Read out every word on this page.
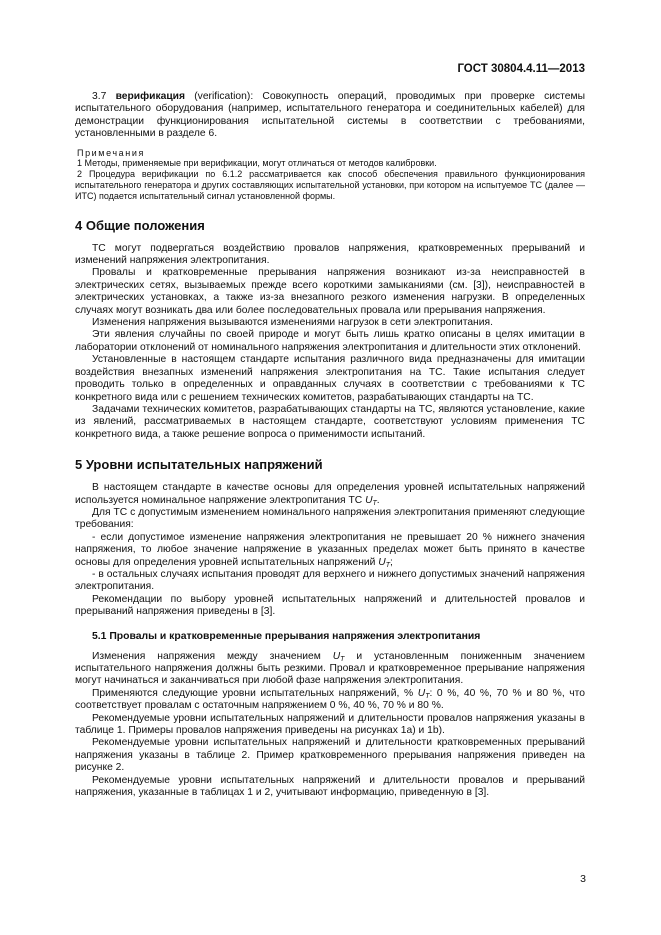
ГОСТ 30804.4.11—2013

3.7 верификация (verification): Совокупность операций, проводимых при проверке системы испытательного оборудования (например, испытательного генератора и соединительных кабелей) для демонстрации функционирования испытательной системы в соответствии с требованиями, установленными в разделе 6.

Примечания

1 Методы, применяемые при верификации, могут отличаться от методов калибровки.

2 Процедура верификации по 6.1.2 рассматривается как способ обеспечения правильного функционирования испытательного генератора и других составляющих испытательной установки, при котором на испытуемое ТС (далее — ИТС) подается испытательный сигнал установленной формы.

4 Общие положения

ТС могут подвергаться воздействию провалов напряжения, кратковременных прерываний и изменений напряжения электропитания.

Провалы и кратковременные прерывания напряжения возникают из-за неисправностей в электрических сетях, вызываемых прежде всего короткими замыканиями (см. [3]), неисправностей в электрических установках, а также из-за внезапного резкого изменения нагрузки. В определенных случаях могут возникать два или более последовательных провала или прерывания напряжения.

Изменения напряжения вызываются изменениями нагрузок в сети электропитания.

Эти явления случайны по своей природе и могут быть лишь кратко описаны в целях имитации в лаборатории отклонений от номинального напряжения электропитания и длительности этих отклонений.

Установленные в настоящем стандарте испытания различного вида предназначены для имитации воздействия внезапных изменений напряжения электропитания на ТС. Такие испытания следует проводить только в определенных и оправданных случаях в соответствии с требованиями к ТС конкретного вида или с решением технических комитетов, разрабатывающих стандарты на ТС.

Задачами технических комитетов, разрабатывающих стандарты на ТС, являются установление, какие из явлений, рассматриваемых в настоящем стандарте, соответствуют условиям применения ТС конкретного вида, а также решение вопроса о применимости испытаний.

5 Уровни испытательных напряжений

В настоящем стандарте в качестве основы для определения уровней испытательных напряжений используется номинальное напряжение электропитания ТС $U_T$.

Для ТС с допустимым изменением номинального напряжения электропитания применяют следующие требования:

- если допустимое изменение напряжения электропитания не превышает 20 % нижнего значения напряжения, то любое значение напряжение в указанных пределах может быть принято в качестве основы для определения уровней испытательных напряжений $U_T$;

- в остальных случаях испытания проводят для верхнего и нижнего допустимых значений напряжения электропитания.

Рекомендации по выбору уровней испытательных напряжений и длительностей провалов и прерываний напряжения приведены в [3].

5.1 Провалы и кратковременные прерывания напряжения электропитания

Изменения напряжения между значением $U_T$ и установленным пониженным значением испытательного напряжения должны быть резкими. Провал и кратковременное прерывание напряжения могут начинаться и заканчиваться при любой фазе напряжения электропитания.

Применяются следующие уровни испытательных напряжений, % $U_T$: 0 %, 40 %, 70 % и 80 %, что соответствует провалам с остаточным напряжением 0 %, 40 %, 70 % и 80 %.

Рекомендуемые уровни испытательных напряжений и длительности провалов напряжения указаны в таблице 1. Примеры провалов напряжения приведены на рисунках 1а) и 1b).

Рекомендуемые уровни испытательных напряжений и длительности кратковременных прерываний напряжения указаны в таблице 2. Пример кратковременного прерывания напряжения приведен на рисунке 2.

Рекомендуемые уровни испытательных напряжений и длительности провалов и прерываний напряжения, указанные в таблицах 1 и 2, учитывают информацию, приведенную в [3].

3
